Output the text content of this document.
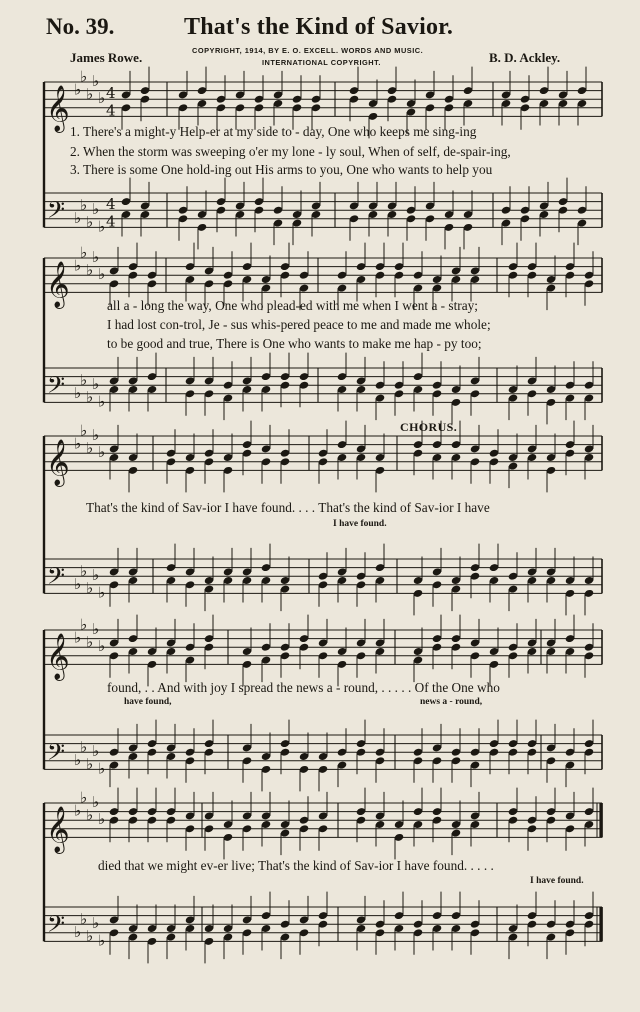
No. 39.	That's the Kind of Savior.
James Rowe.	B. D. Ackley.
COPYRIGHT, 1914, BY E. O. EXCELL. WORDS AND MUSIC.
INTERNATIONAL COPYRIGHT.
𝄞 ♭
♭
♭
♭
♭ 4
4
𝄢 ♭
♭
♭
♭
♭
4
4
𝄞 ♭
♭
♭
♭
♭
𝄢 ♭
♭
♭
♭
♭
𝄞 ♭
♭
♭
♭
♭
𝄢 ♭
♭
♭
♭
♭
𝄞 ♭
♭
♭
♭
♭
𝄢 ♭
♭
♭
♭
♭
𝄞 ♭
♭
♭
♭
♭
𝄢 ♭
♭
♭
♭
♭
1. There's a might-y Help-er at my side to - day, One who keeps me sing-ing
2. When the storm was sweeping o'er my lone - ly soul, When of self, de-spair-ing,
3. There is some One hold-ing out His arms to you, One who wants to help you
all a - long the way, One who plead-ed with me when I went a - stray;
I had lost con-trol, Je - sus whis-pered peace to me and made me whole;
to be good and true, There is One who wants to make me hap - py too;
CHORUS.
That's the kind of Sav-ior I have found. . . . That's the kind of Sav-ior I have
I have found.
found, . . And with joy I spread the news a - round, . . . . . Of the One who
have found,	news a - round,
died that we might ev-er live; That's the kind of Sav-ior I have found. . . . .
I have found.
